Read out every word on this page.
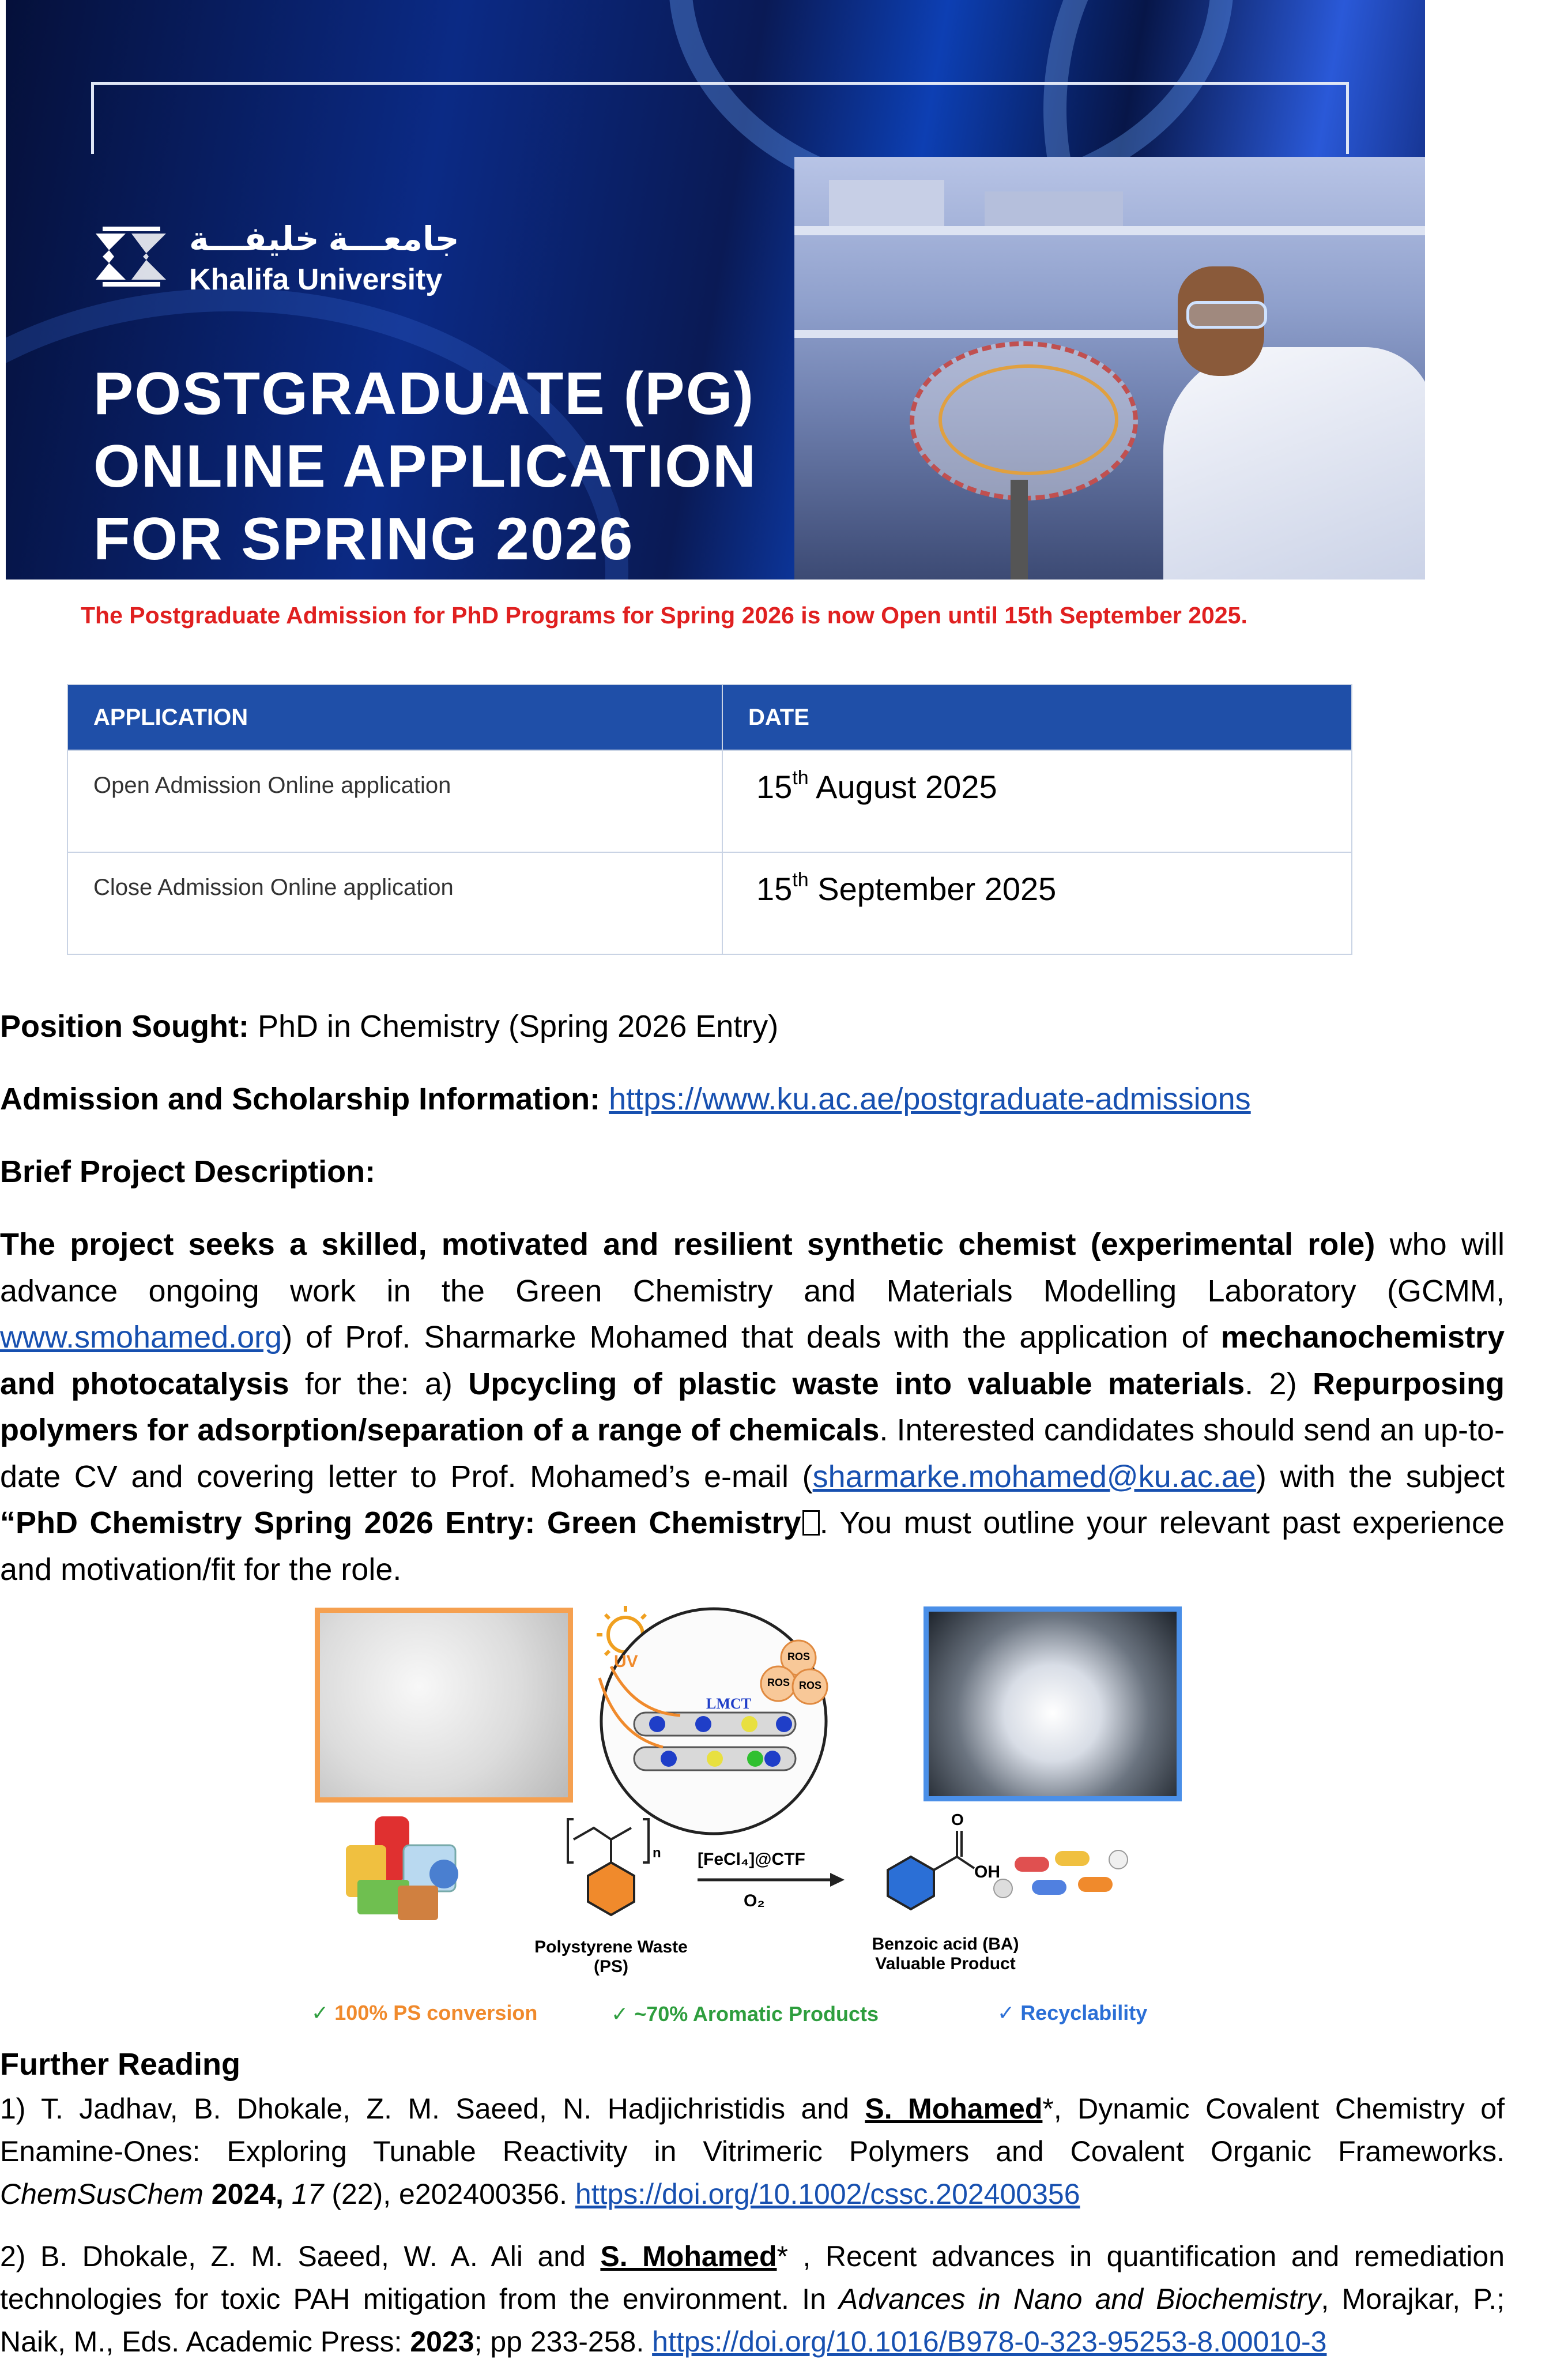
جامعـــة خليفـــة
Khalifa University
POSTGRADUATE (PG)
ONLINE APPLICATION
FOR SPRING 2026
The Postgraduate Admission for PhD Programs for Spring 2026 is now Open until 15th September 2025.
APPLICATION	DATE

Open Admission Online application	15th August 2025

Close Admission Online application	15th September 2025
Position Sought: PhD in Chemistry (Spring 2026 Entry)
Admission and Scholarship Information: https://www.ku.ac.ae/postgraduate-admissions
Brief Project Description:
The project seeks a skilled, motivated and resilient synthetic chemist (experimental role) who will advance ongoing work in the Green Chemistry and Materials Modelling Laboratory (GCMM, www.smohamed.org) of Prof. Sharmarke Mohamed that deals with the application of mechanochemistry and photocatalysis for the: a) Upcycling of plastic waste into valuable materials. 2) Repurposing polymers for adsorption/separation of a range of chemicals. Interested candidates should send an up-to-date CV and covering letter to Prof. Mohamed’s e-mail (sharmarke.mohamed@ku.ac.ae) with the subject “PhD Chemistry Spring 2026 Entry: Green Chemistry . You must outline your relevant past experience and motivation/fit for the role.
UV
LMCT
ROS
ROS ROS
n [FeCl₄]@CTF
O₂
O
OH
Polystyrene Waste
(PS)
Benzoic acid (BA)
Valuable Product
✓ 100% PS conversion	✓ ~70% Aromatic Products	✓ Recyclability
Further Reading
1) T. Jadhav, B. Dhokale, Z. M. Saeed, N. Hadjichristidis and S. Mohamed*, Dynamic Covalent Chemistry of Enamine-Ones: Exploring Tunable Reactivity in Vitrimeric Polymers and Covalent Organic Frameworks. ChemSusChem 2024, 17 (22), e202400356. https://doi.org/10.1002/cssc.202400356
2) B. Dhokale, Z. M. Saeed, W. A. Ali and S. Mohamed* , Recent advances in quantification and remediation technologies for toxic PAH mitigation from the environment. In Advances in Nano and Biochemistry, Morajkar, P.; Naik, M., Eds. Academic Press: 2023; pp 233-258. https://doi.org/10.1016/B978-0-323-95253-8.00010-3
